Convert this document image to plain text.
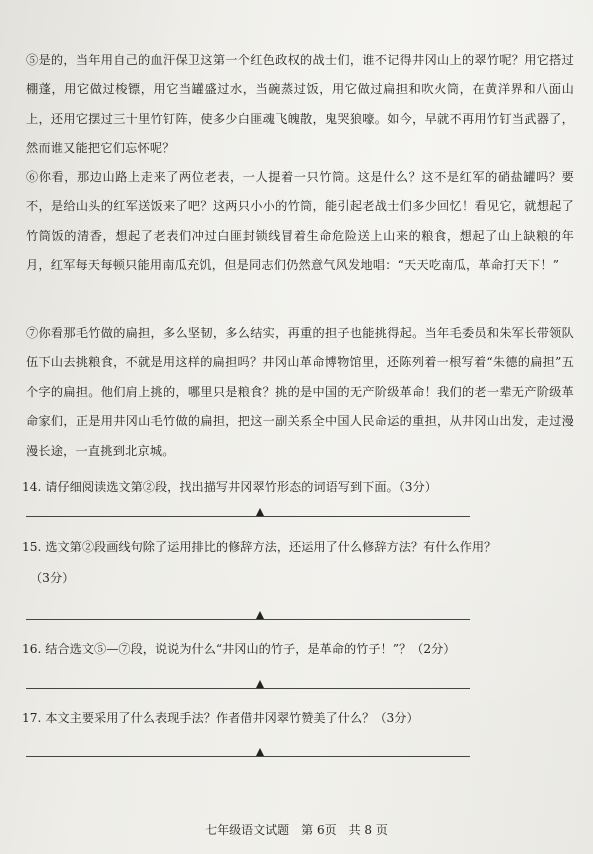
⑤是的，当年用自己的血汗保卫这第一个红色政权的战士们，谁不记得井冈山上的翠竹呢？用它搭过棚蓬，用它做过梭镖，用它当罐盛过水，当碗蒸过饭，用它做过扁担和吹火筒，在黄洋界和八面山上，还用它摆过三十里竹钉阵，使多少白匪魂飞魄散，鬼哭狼嚎。如今，早就不再用竹钉当武器了，然而谁又能把它们忘怀呢？

⑥你看，那边山路上走来了两位老表，一人提着一只竹筒。这是什么？这不是红军的硝盐罐吗？要不，是给山头的红军送饭来了吧？这两只小小的竹筒，能引起老战士们多少回忆！看见它，就想起了竹筒饭的清香，想起了老表们冲过白匪封锁线冒着生命危险送上山来的粮食，想起了山上缺粮的年月，红军每天每顿只能用南瓜充饥，但是同志们仍然意气风发地唱：“天天吃南瓜，革命打天下！”

⑦你看那毛竹做的扁担，多么坚韧，多么结实，再重的担子也能挑得起。当年毛委员和朱军长带领队伍下山去挑粮食，不就是用这样的扁担吗？井冈山革命博物馆里，还陈列着一根写着“朱德的扁担”五个字的扁担。他们肩上挑的，哪里只是粮食？挑的是中国的无产阶级革命！我们的老一辈无产阶级革命家们，正是用井冈山毛竹做的扁担，把这一副关系全中国人民命运的重担，从井冈山出发，走过漫漫长途，一直挑到北京城。

14. 请仔细阅读选文第②段，找出描写井冈翠竹形态的词语写到下面。（3分）

15. 选文第②段画线句除了运用排比的修辞方法，还运用了什么修辞方法？有什么作用？

（3分）

16. 结合选文⑤—⑦段，说说为什么“井冈山的竹子，是革命的竹子！”？（2分）

17. 本文主要采用了什么表现手法？作者借井冈翠竹赞美了什么？（3分）

七年级语文试题 第 6页 共 8 页
